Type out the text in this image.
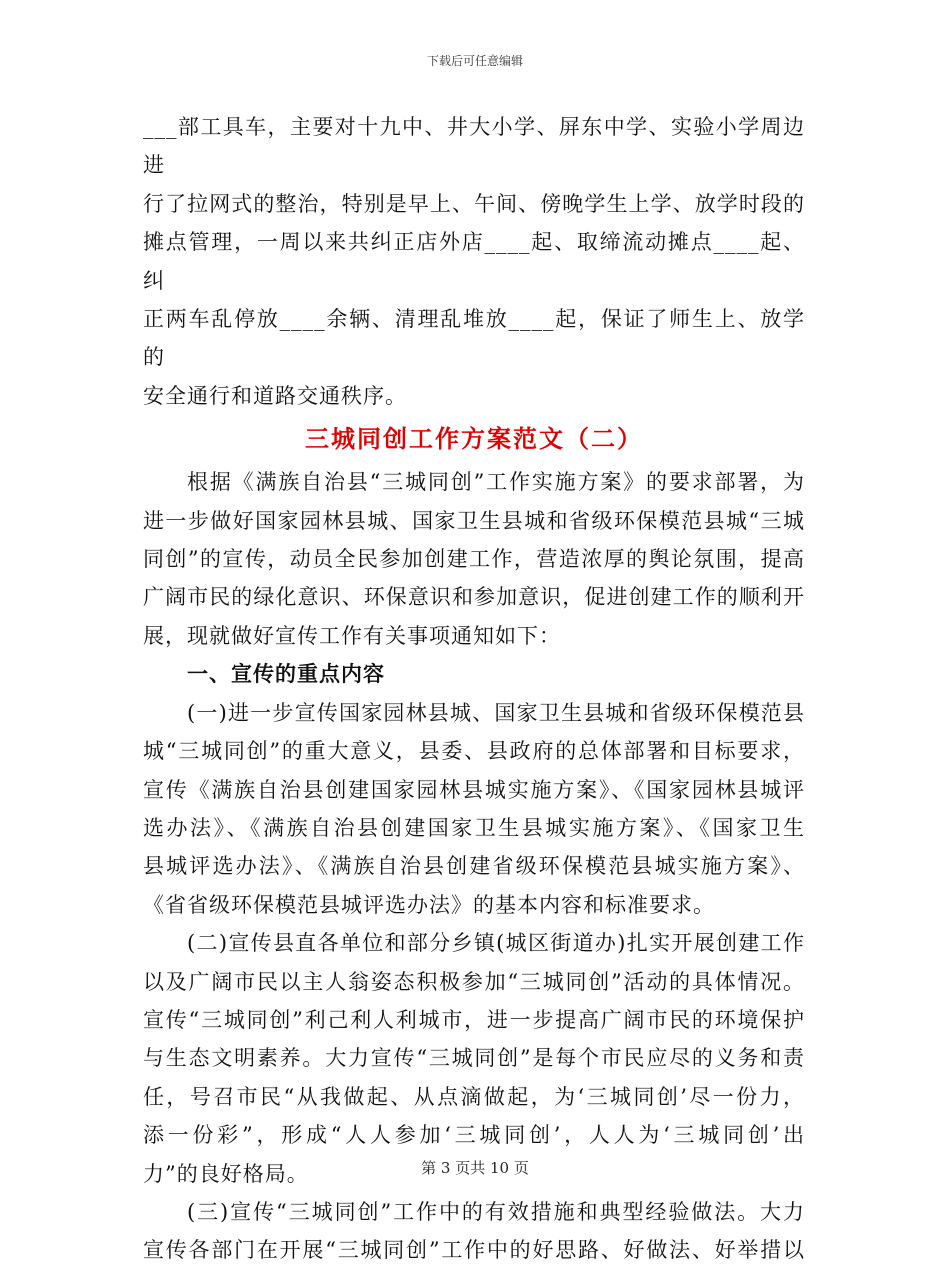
下载后可任意编辑

___部工具车，主要对十九中、井大小学、屏东中学、实验小学周边进

行了拉网式的整治，特别是早上、午间、傍晚学生上学、放学时段的

摊点管理，一周以来共纠正店外店____起、取缔流动摊点____起、纠

正两车乱停放____余辆、清理乱堆放____起，保证了师生上、放学的

安全通行和道路交通秩序。

三城同创工作方案范文（二）

根据《满族自治县“三城同创”工作实施方案》的要求部署，为

进一步做好国家园林县城、国家卫生县城和省级环保模范县城“三城

同创”的宣传，动员全民参加创建工作，营造浓厚的舆论氛围，提高

广阔市民的绿化意识、环保意识和参加意识，促进创建工作的顺利开

展，现就做好宣传工作有关事项通知如下：

一、宣传的重点内容

(一)进一步宣传国家园林县城、国家卫生县城和省级环保模范县

城“三城同创”的重大意义，县委、县政府的总体部署和目标要求，

宣传《满族自治县创建国家园林县城实施方案》、《国家园林县城评

选办法》、《满族自治县创建国家卫生县城实施方案》、《国家卫生

县城评选办法》、《满族自治县创建省级环保模范县城实施方案》、

《省省级环保模范县城评选办法》的基本内容和标准要求。

(二)宣传县直各单位和部分乡镇(城区街道办)扎实开展创建工作

以及广阔市民以主人翁姿态积极参加“三城同创”活动的具体情况。

宣传“三城同创”利己利人利城市，进一步提高广阔市民的环境保护

与生态文明素养。大力宣传“三城同创”是每个市民应尽的义务和责

任，号召市民“从我做起、从点滴做起，为‘三城同创’尽一份力，

添一份彩”，形成“人人参加‘三城同创’，人人为‘三城同创’出

力”的良好格局。

(三)宣传“三城同创”工作中的有效措施和典型经验做法。大力

宣传各部门在开展“三城同创”工作中的好思路、好做法、好举措以

第 3 页共 10 页
